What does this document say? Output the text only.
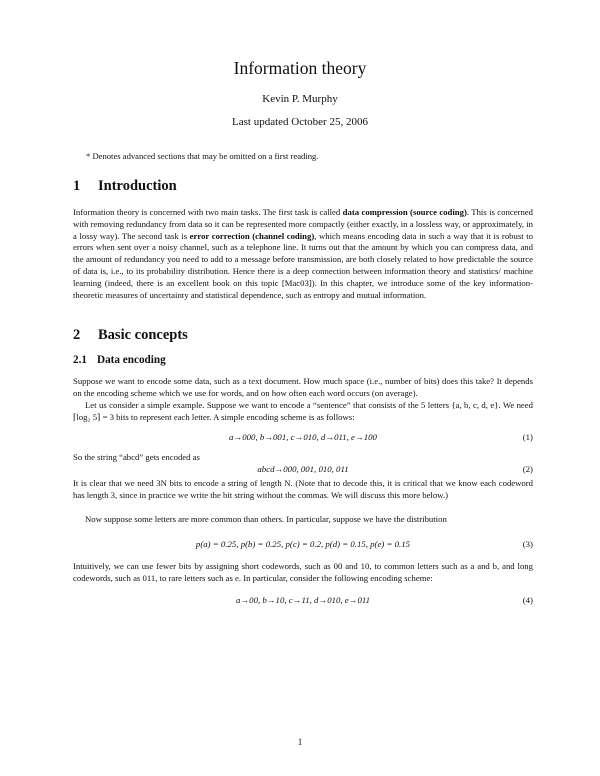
Information theory
Kevin P. Murphy
Last updated October 25, 2006
* Denotes advanced sections that may be omitted on a first reading.
1 Introduction
Information theory is concerned with two main tasks. The first task is called data compression (source coding). This is concerned with removing redundancy from data so it can be represented more compactly (either exactly, in a lossless way, or approximately, in a lossy way). The second task is error correction (channel coding), which means encoding data in such a way that it is robust to errors when sent over a noisy channel, such as a telephone line. It turns out that the amount by which you can compress data, and the amount of redundancy you need to add to a message before transmission, are both closely related to how predictable the source of data is, i.e., to its probability distribution. Hence there is a deep connection between information theory and statistics/ machine learning (indeed, there is an excellent book on this topic [Mac03]). In this chapter, we introduce some of the key information-theoretic measures of uncertainty and statistical dependence, such as entropy and mutual information.
2 Basic concepts
2.1 Data encoding
Suppose we want to encode some data, such as a text document. How much space (i.e., number of bits) does this take? It depends on the encoding scheme which we use for words, and on how often each word occurs (on average).
Let us consider a simple example. Suppose we want to encode a “sentence” that consists of the 5 letters {a, b, c, d, e}. We need ⌈log₂ 5⌉ = 3 bits to represent each letter. A simple encoding scheme is as follows:
a→000, b→001, c→010, d→011, e→100	(1)
So the string “abcd” gets encoded as
abcd→000, 001, 010, 011	(2)
It is clear that we need 3N bits to encode a string of length N. (Note that to decode this, it is critical that we know each codeword has length 3, since in practice we write the bit string without the commas. We will discuss this more below.)
Now suppose some letters are more common than others. In particular, suppose we have the distribution
p(a) = 0.25, p(b) = 0.25, p(c) = 0.2, p(d) = 0.15, p(e) = 0.15	(3)
Intuitively, we can use fewer bits by assigning short codewords, such as 00 and 10, to common letters such as a and b, and long codewords, such as 011, to rare letters such as e. In particular, consider the following encoding scheme:
a→00, b→10, c→11, d→010, e→011	(4)
1
